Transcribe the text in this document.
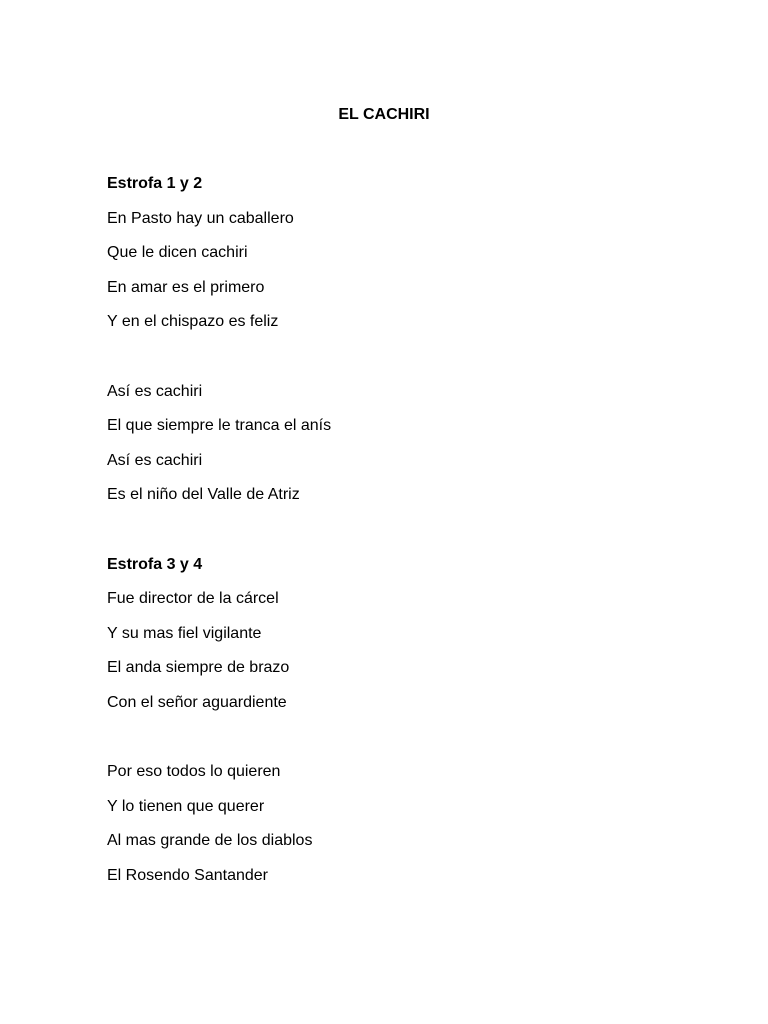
EL CACHIRI
Estrofa 1 y 2
En Pasto hay un caballero
Que le dicen cachiri
En amar es el primero
Y en el chispazo es feliz
Así es cachiri
El que siempre le tranca el anís
Así es cachiri
Es el niño del Valle de Atriz
Estrofa 3 y 4
Fue director de la cárcel
Y su mas fiel vigilante
El anda siempre de brazo
Con el señor aguardiente
Por eso todos lo quieren
Y lo tienen que querer
Al mas grande de los diablos
El Rosendo Santander
